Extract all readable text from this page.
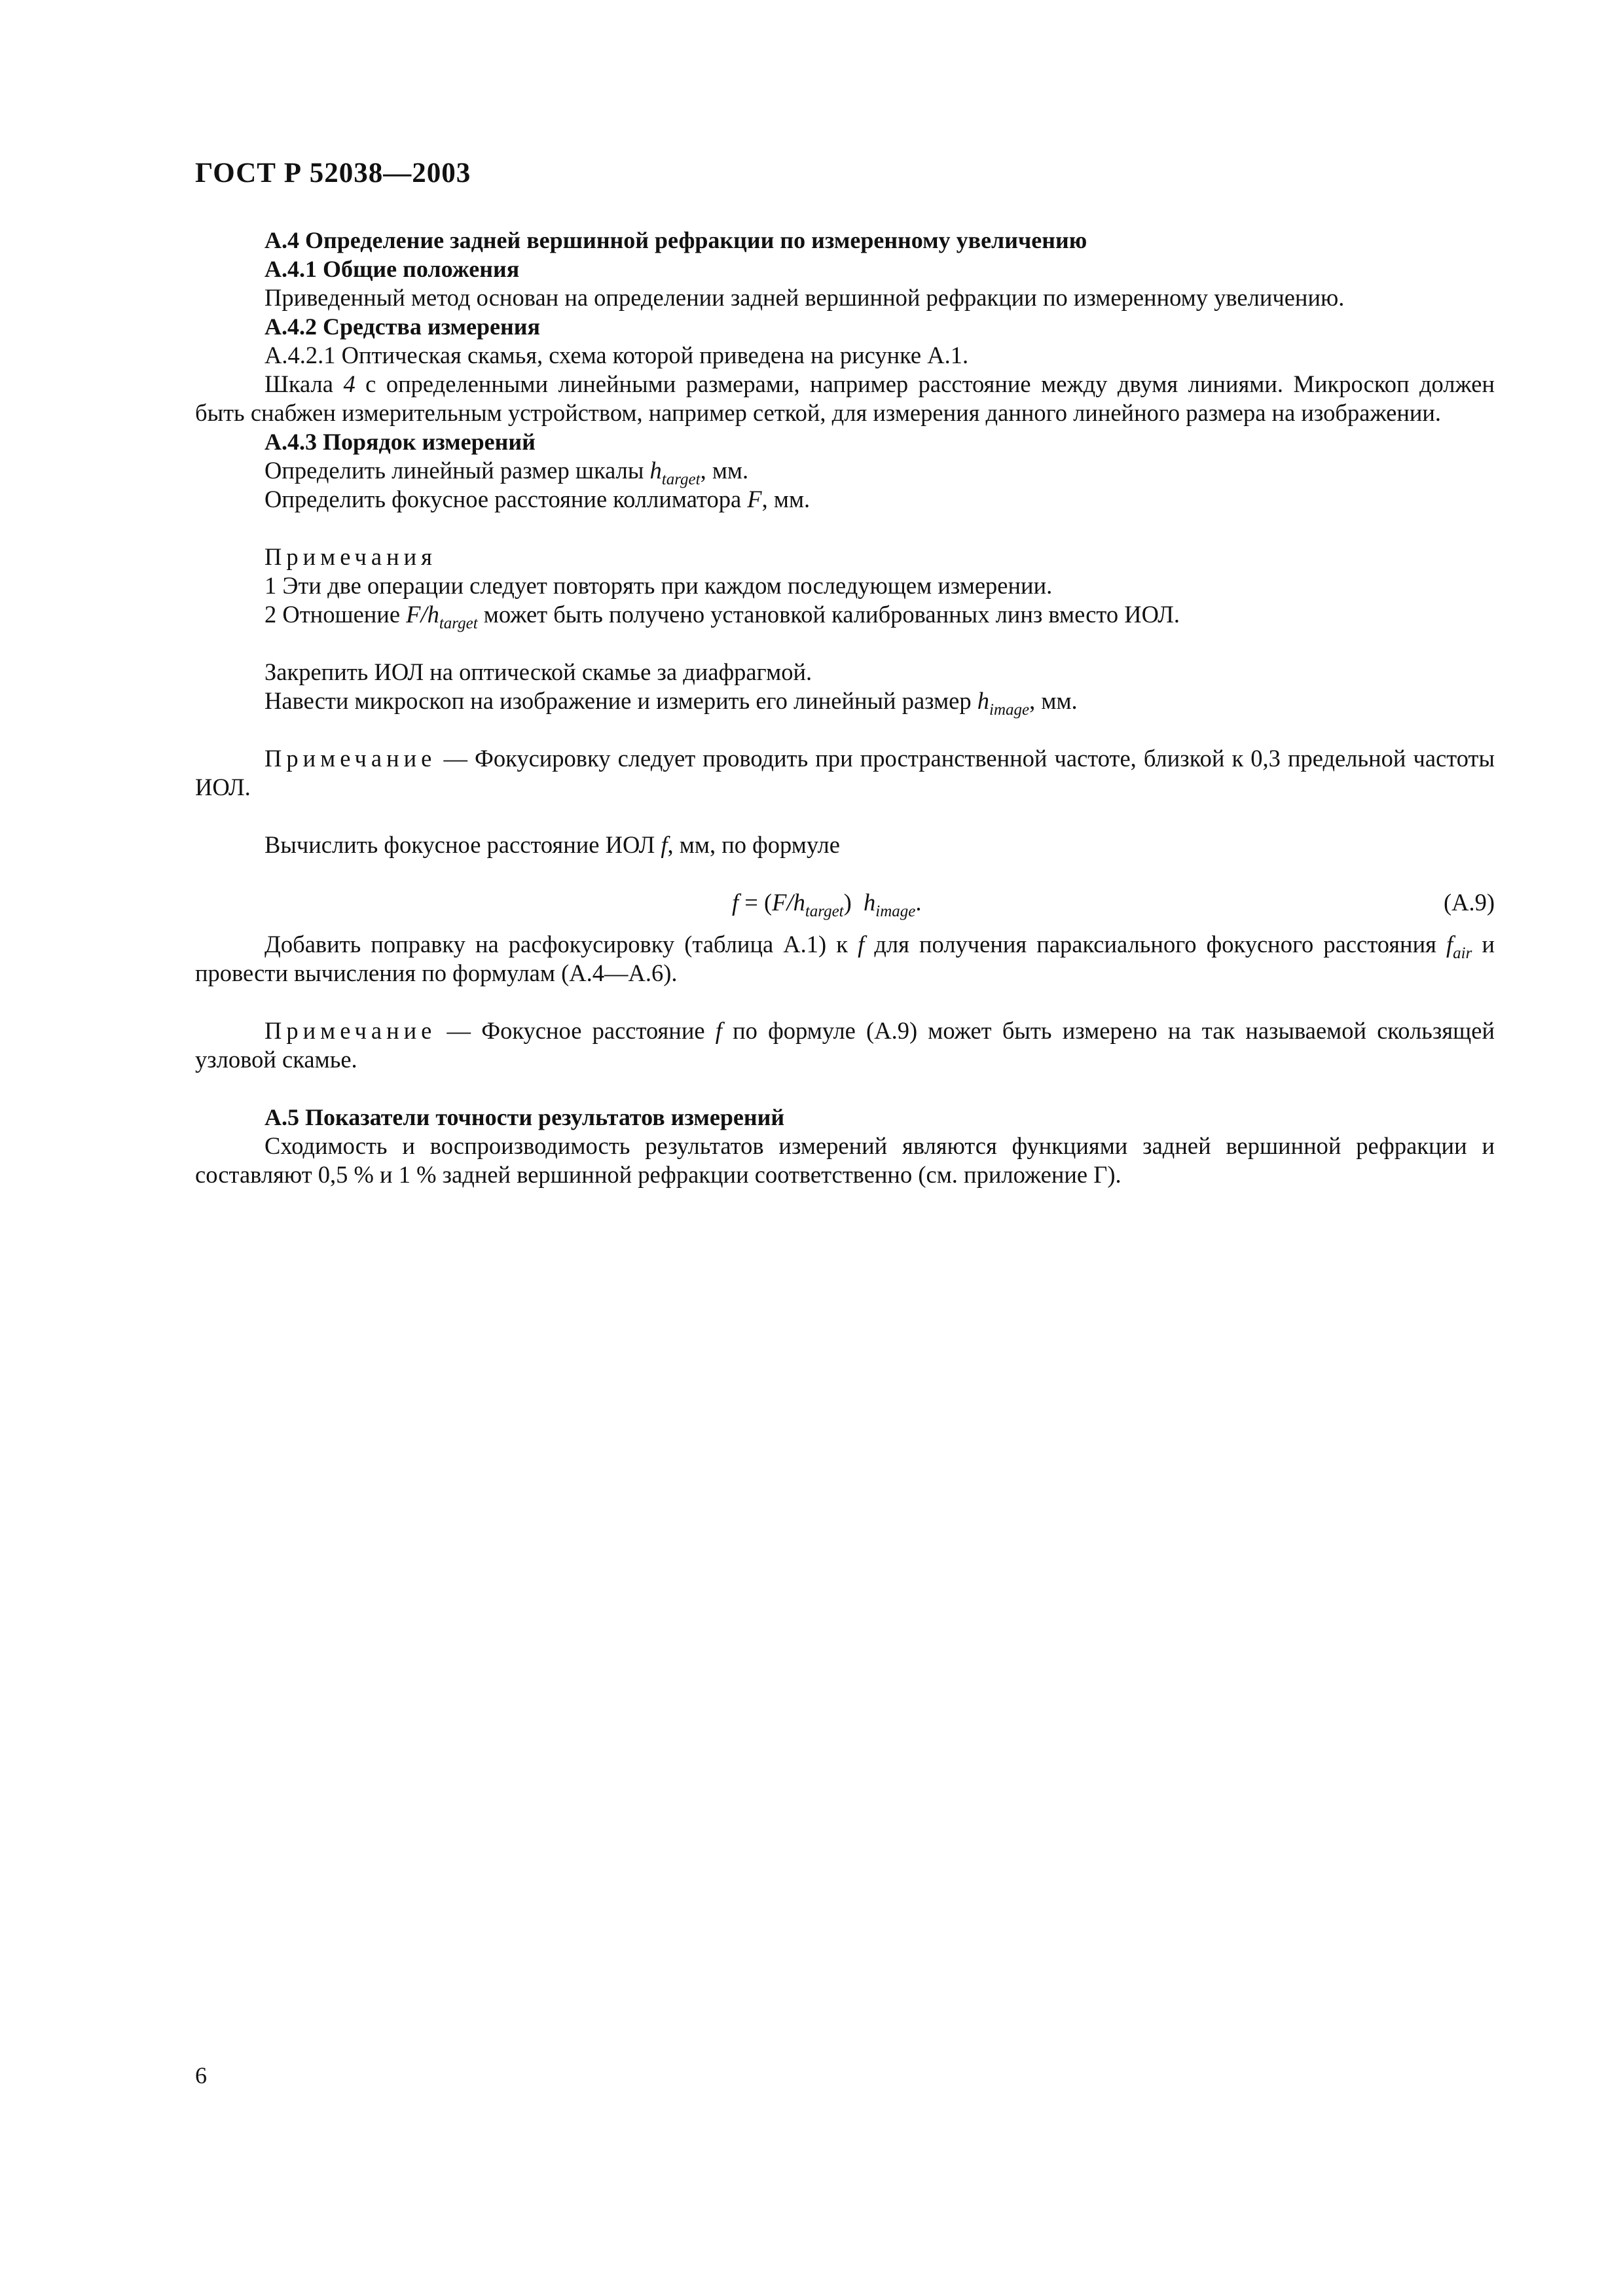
ГОСТ Р 52038—2003

А.4 Определение задней вершинной рефракции по измеренному увеличению

А.4.1 Общие положения

Приведенный метод основан на определении задней вершинной рефракции по измеренному увеличению.

А.4.2 Средства измерения

А.4.2.1 Оптическая скамья, схема которой приведена на рисунке А.1.

Шкала 4 с определенными линейными размерами, например расстояние между двумя линиями. Микроскоп должен быть снабжен измерительным устройством, например сеткой, для измерения данного линейного размера на изображении.

А.4.3 Порядок измерений

Определить линейный размер шкалы $h_{target}$, мм.

Определить фокусное расстояние коллиматора F, мм.

Примечания

1 Эти две операции следует повторять при каждом последующем измерении.

2 Отношение $F/h_{target}$ может быть получено установкой калиброванных линз вместо ИОЛ.

Закрепить ИОЛ на оптической скамье за диафрагмой.

Навести микроскоп на изображение и измерить его линейный размер $h_{image}$, мм.

Примечание — Фокусировку следует проводить при пространственной частоте, близкой к 0,3 предельной частоты ИОЛ.

Вычислить фокусное расстояние ИОЛ f, мм, по формуле

$f = (F/h_{target})$  $h_{image}$.	(А.9)

Добавить поправку на расфокусировку (таблица А.1) к f для получения параксиального фокусного расстояния $f_{air}$ и провести вычисления по формулам (А.4—А.6).

Примечание — Фокусное расстояние f по формуле (А.9) может быть измерено на так называемой скользящей узловой скамье.

А.5 Показатели точности результатов измерений

Сходимость и воспроизводимость результатов измерений являются функциями задней вершинной рефракции и составляют 0,5 % и 1 % задней вершинной рефракции соответственно (см. приложение Г).

6
